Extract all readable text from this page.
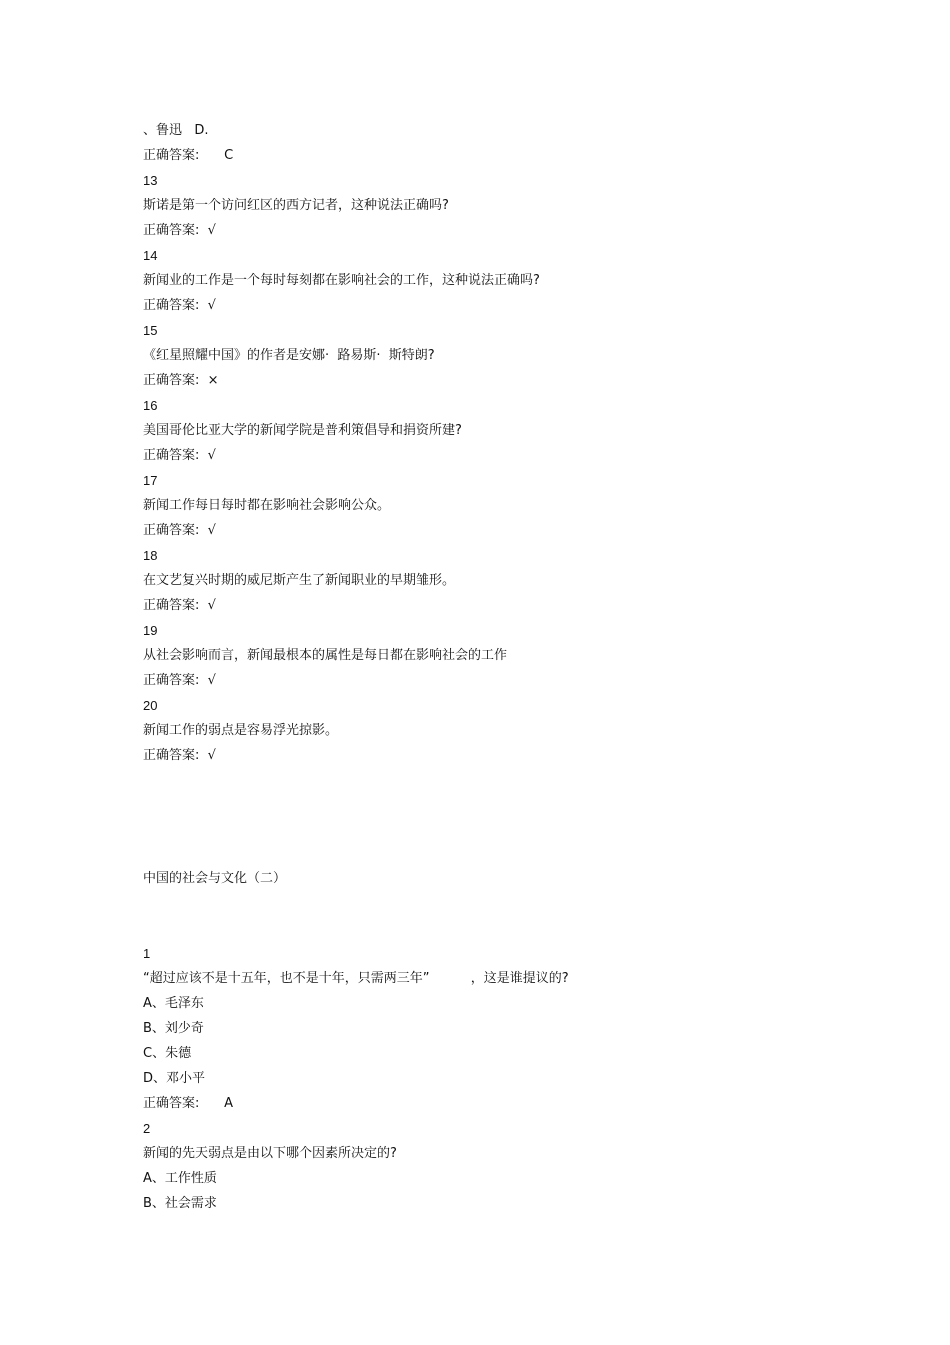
、鲁迅   D.
正确答案:      C
13
斯诺是第一个访问红区的西方记者，这种说法正确吗?
正确答案:  √
14
新闻业的工作是一个每时每刻都在影响社会的工作，这种说法正确吗?
正确答案:  √
15
《红星照耀中国》的作者是安娜·  路易斯·  斯特朗?
正确答案:  ×
16
美国哥伦比亚大学的新闻学院是普利策倡导和捐资所建?
正确答案:  √
17
新闻工作每日每时都在影响社会影响公众。
正确答案:  √
18
在文艺复兴时期的威尼斯产生了新闻职业的早期雏形。
正确答案:  √
19
从社会影响而言，新闻最根本的属性是每日都在影响社会的工作
正确答案:  √
20
新闻工作的弱点是容易浮光掠影。
正确答案:  √
中国的社会与文化（二）
1
“超过应该不是十五年，也不是十年，只需两三年”          ，这是谁提议的?
A、毛泽东
B、刘少奇
C、朱德
D、邓小平
正确答案:      A
2
新闻的先天弱点是由以下哪个因素所决定的?
A、工作性质
B、社会需求
